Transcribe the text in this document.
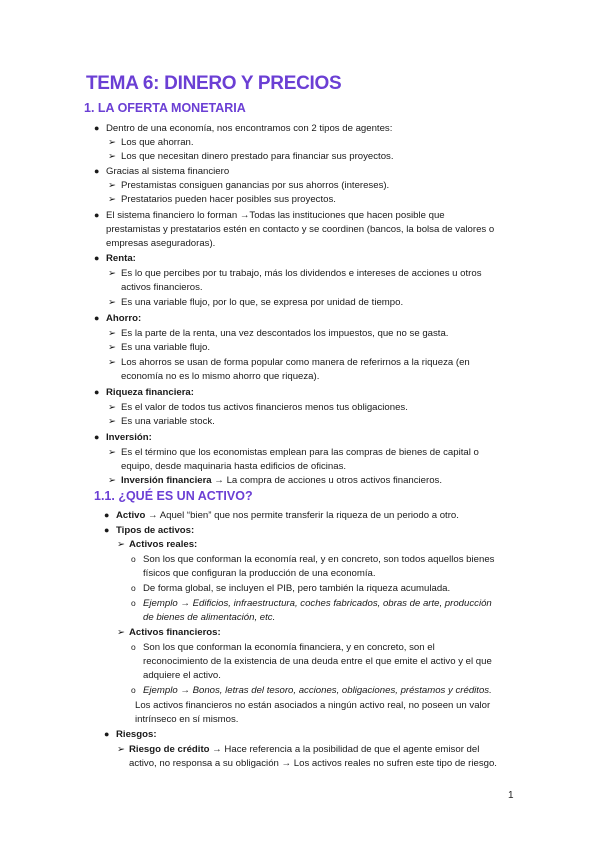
TEMA 6: DINERO Y PRECIOS
1. LA OFERTA MONETARIA
● Dentro de una economía, nos encontramos con 2 tipos de agentes:
➢ Los que ahorran.
➢ Los que necesitan dinero prestado para financiar sus proyectos.
● Gracias al sistema financiero
➢ Prestamistas consiguen ganancias por sus ahorros (intereses).
➢ Prestatarios pueden hacer posibles sus proyectos.
● El sistema financiero lo forman →Todas las instituciones que hacen posible que
prestamistas y prestatarios estén en contacto y se coordinen (bancos, la bolsa de valores o
empresas aseguradoras).
● Renta:
➢ Es lo que percibes por tu trabajo, más los dividendos e intereses de acciones u otros
activos financieros.
➢ Es una variable flujo, por lo que, se expresa por unidad de tiempo.
● Ahorro:
➢ Es la parte de la renta, una vez descontados los impuestos, que no se gasta.
➢ Es una variable flujo.
➢ Los ahorros se usan de forma popular como manera de referirnos a la riqueza (en
economía no es lo mismo ahorro que riqueza).
● Riqueza financiera:
➢ Es el valor de todos tus activos financieros menos tus obligaciones.
➢ Es una variable stock.
● Inversión:
➢ Es el término que los economistas emplean para las compras de bienes de capital o
equipo, desde maquinaria hasta edificios de oficinas.
➢ Inversión financiera → La compra de acciones u otros activos financieros.
1.1. ¿QUÉ ES UN ACTIVO?
● Activo → Aquel “bien” que nos permite transferir la riqueza de un periodo a otro.
● Tipos de activos:
➢ Activos reales:
o Son los que conforman la economía real, y en concreto, son todos aquellos bienes
físicos que configuran la producción de una economía.
o De forma global, se incluyen el PIB, pero también la riqueza acumulada.
o Ejemplo → Edificios, infraestructura, coches fabricados, obras de arte, producción
de bienes de alimentación, etc.
➢ Activos financieros:
o Son los que conforman la economía financiera, y en concreto, son el
reconocimiento de la existencia de una deuda entre el que emite el activo y el que
adquiere el activo.
o Ejemplo → Bonos, letras del tesoro, acciones, obligaciones, préstamos y créditos.
Los activos financieros no están asociados a ningún activo real, no poseen un valor
intrínseco en sí mismos.
● Riesgos:
➢ Riesgo de crédito → Hace referencia a la posibilidad de que el agente emisor del
activo, no responsa a su obligación → Los activos reales no sufren este tipo de riesgo.
1
